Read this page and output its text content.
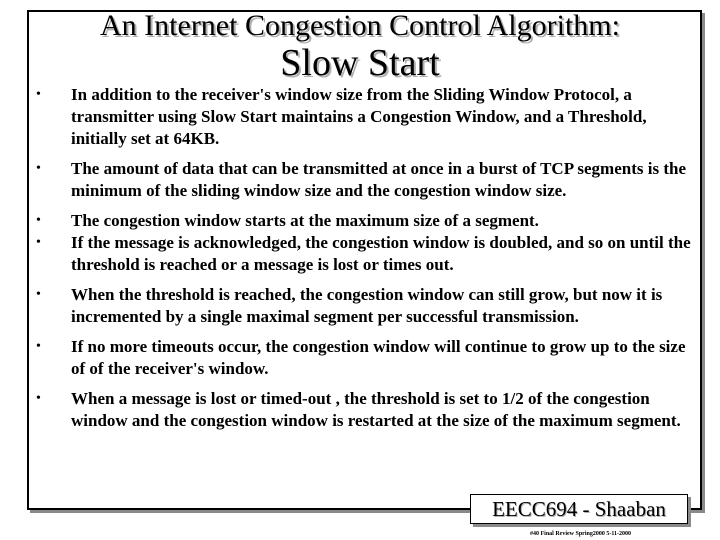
An Internet Congestion Control Algorithm:
Slow Start
• In addition to the receiver's window size from the Sliding Window Protocol, a transmitter using Slow Start maintains a Congestion Window, and a Threshold, initially set at 64KB.
• The amount of data that can be transmitted at once in a burst of TCP segments is the minimum of the sliding window size and the congestion window size.
• The congestion window starts at the maximum size of a segment.
• If the message is acknowledged, the congestion window is doubled, and so on until the threshold is reached or a message is lost or times out.
• When the threshold is reached, the congestion window can still grow, but now it is incremented by a single maximal segment per successful transmission.
• If no more timeouts occur, the congestion window will continue to grow up to the size of of the receiver's window.
• When a message is lost or timed-out , the threshold is set to 1/2 of the congestion window and the congestion window is restarted at the size of the maximum segment.
EECC694 - Shaaban
#40 Final Review Spring2000 5-11-2000
